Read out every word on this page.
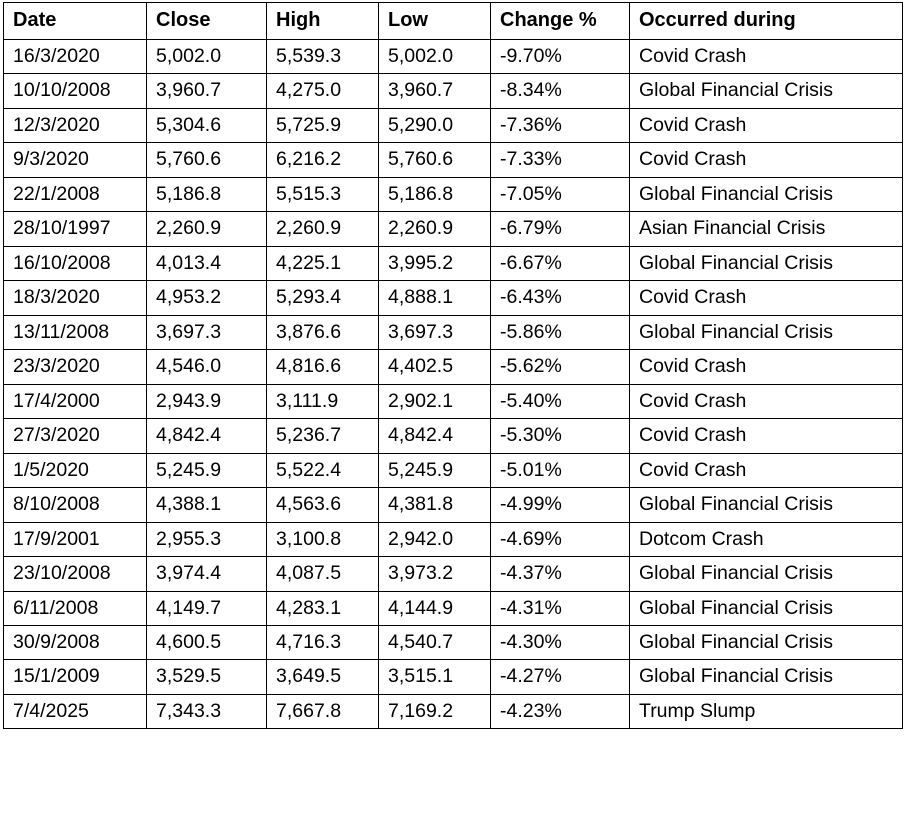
Date	Close	High	Low	Change %	Occurred during
16/3/2020	5,002.0	5,539.3	5,002.0	-9.70%	Covid Crash
10/10/2008	3,960.7	4,275.0	3,960.7	-8.34%	Global Financial Crisis
12/3/2020	5,304.6	5,725.9	5,290.0	-7.36%	Covid Crash
9/3/2020	5,760.6	6,216.2	5,760.6	-7.33%	Covid Crash
22/1/2008	5,186.8	5,515.3	5,186.8	-7.05%	Global Financial Crisis
28/10/1997	2,260.9	2,260.9	2,260.9	-6.79%	Asian Financial Crisis
16/10/2008	4,013.4	4,225.1	3,995.2	-6.67%	Global Financial Crisis
18/3/2020	4,953.2	5,293.4	4,888.1	-6.43%	Covid Crash
13/11/2008	3,697.3	3,876.6	3,697.3	-5.86%	Global Financial Crisis
23/3/2020	4,546.0	4,816.6	4,402.5	-5.62%	Covid Crash
17/4/2000	2,943.9	3,111.9	2,902.1	-5.40%	Covid Crash
27/3/2020	4,842.4	5,236.7	4,842.4	-5.30%	Covid Crash
1/5/2020	5,245.9	5,522.4	5,245.9	-5.01%	Covid Crash
8/10/2008	4,388.1	4,563.6	4,381.8	-4.99%	Global Financial Crisis
17/9/2001	2,955.3	3,100.8	2,942.0	-4.69%	Dotcom Crash
23/10/2008	3,974.4	4,087.5	3,973.2	-4.37%	Global Financial Crisis
6/11/2008	4,149.7	4,283.1	4,144.9	-4.31%	Global Financial Crisis
30/9/2008	4,600.5	4,716.3	4,540.7	-4.30%	Global Financial Crisis
15/1/2009	3,529.5	3,649.5	3,515.1	-4.27%	Global Financial Crisis
7/4/2025	7,343.3	7,667.8	7,169.2	-4.23%	Trump Slump
